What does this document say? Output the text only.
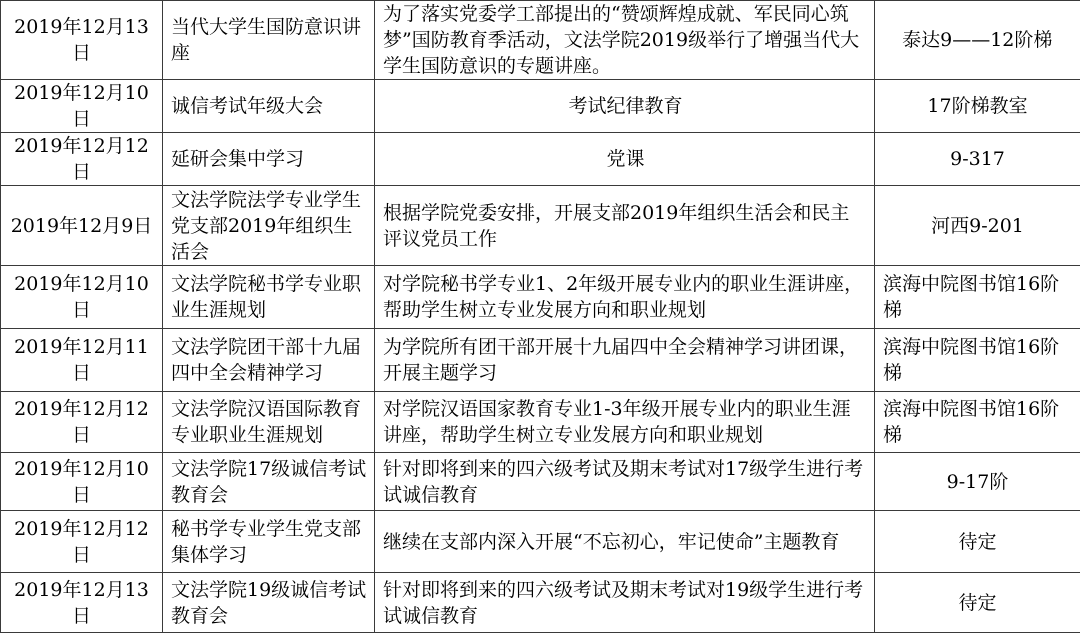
2019年12月13日	当代大学生国防意识讲座	为了落实党委学工部提出的“赞颂辉煌成就、军民同心筑梦”国防教育季活动，文法学院2019级举行了增强当代大学生国防意识的专题讲座。	泰达9——12阶梯
2019年12月10日	诚信考试年级大会	考试纪律教育	17阶梯教室
2019年12月12日	延研会集中学习	党课	9-317
2019年12月9日	文法学院法学专业学生党支部2019年组织生活会	根据学院党委安排，开展支部2019年组织生活会和民主评议党员工作	河西9-201
2019年12月10日	文法学院秘书学专业职业生涯规划	对学院秘书学专业1、2年级开展专业内的职业生涯讲座，帮助学生树立专业发展方向和职业规划	滨海中院图书馆16阶梯
2019年12月11日	文法学院团干部十九届四中全会精神学习	为学院所有团干部开展十九届四中全会精神学习讲团课，开展主题学习	滨海中院图书馆16阶梯
2019年12月12日	文法学院汉语国际教育专业职业生涯规划	对学院汉语国家教育专业1-3年级开展专业内的职业生涯讲座，帮助学生树立专业发展方向和职业规划	滨海中院图书馆16阶梯
2019年12月10日	文法学院17级诚信考试教育会	针对即将到来的四六级考试及期末考试对17级学生进行考试诚信教育	9-17阶
2019年12月12日	秘书学专业学生党支部集体学习	继续在支部内深入开展“不忘初心，牢记使命”主题教育	待定
2019年12月13日	文法学院19级诚信考试教育会	针对即将到来的四六级考试及期末考试对19级学生进行考试诚信教育	待定
